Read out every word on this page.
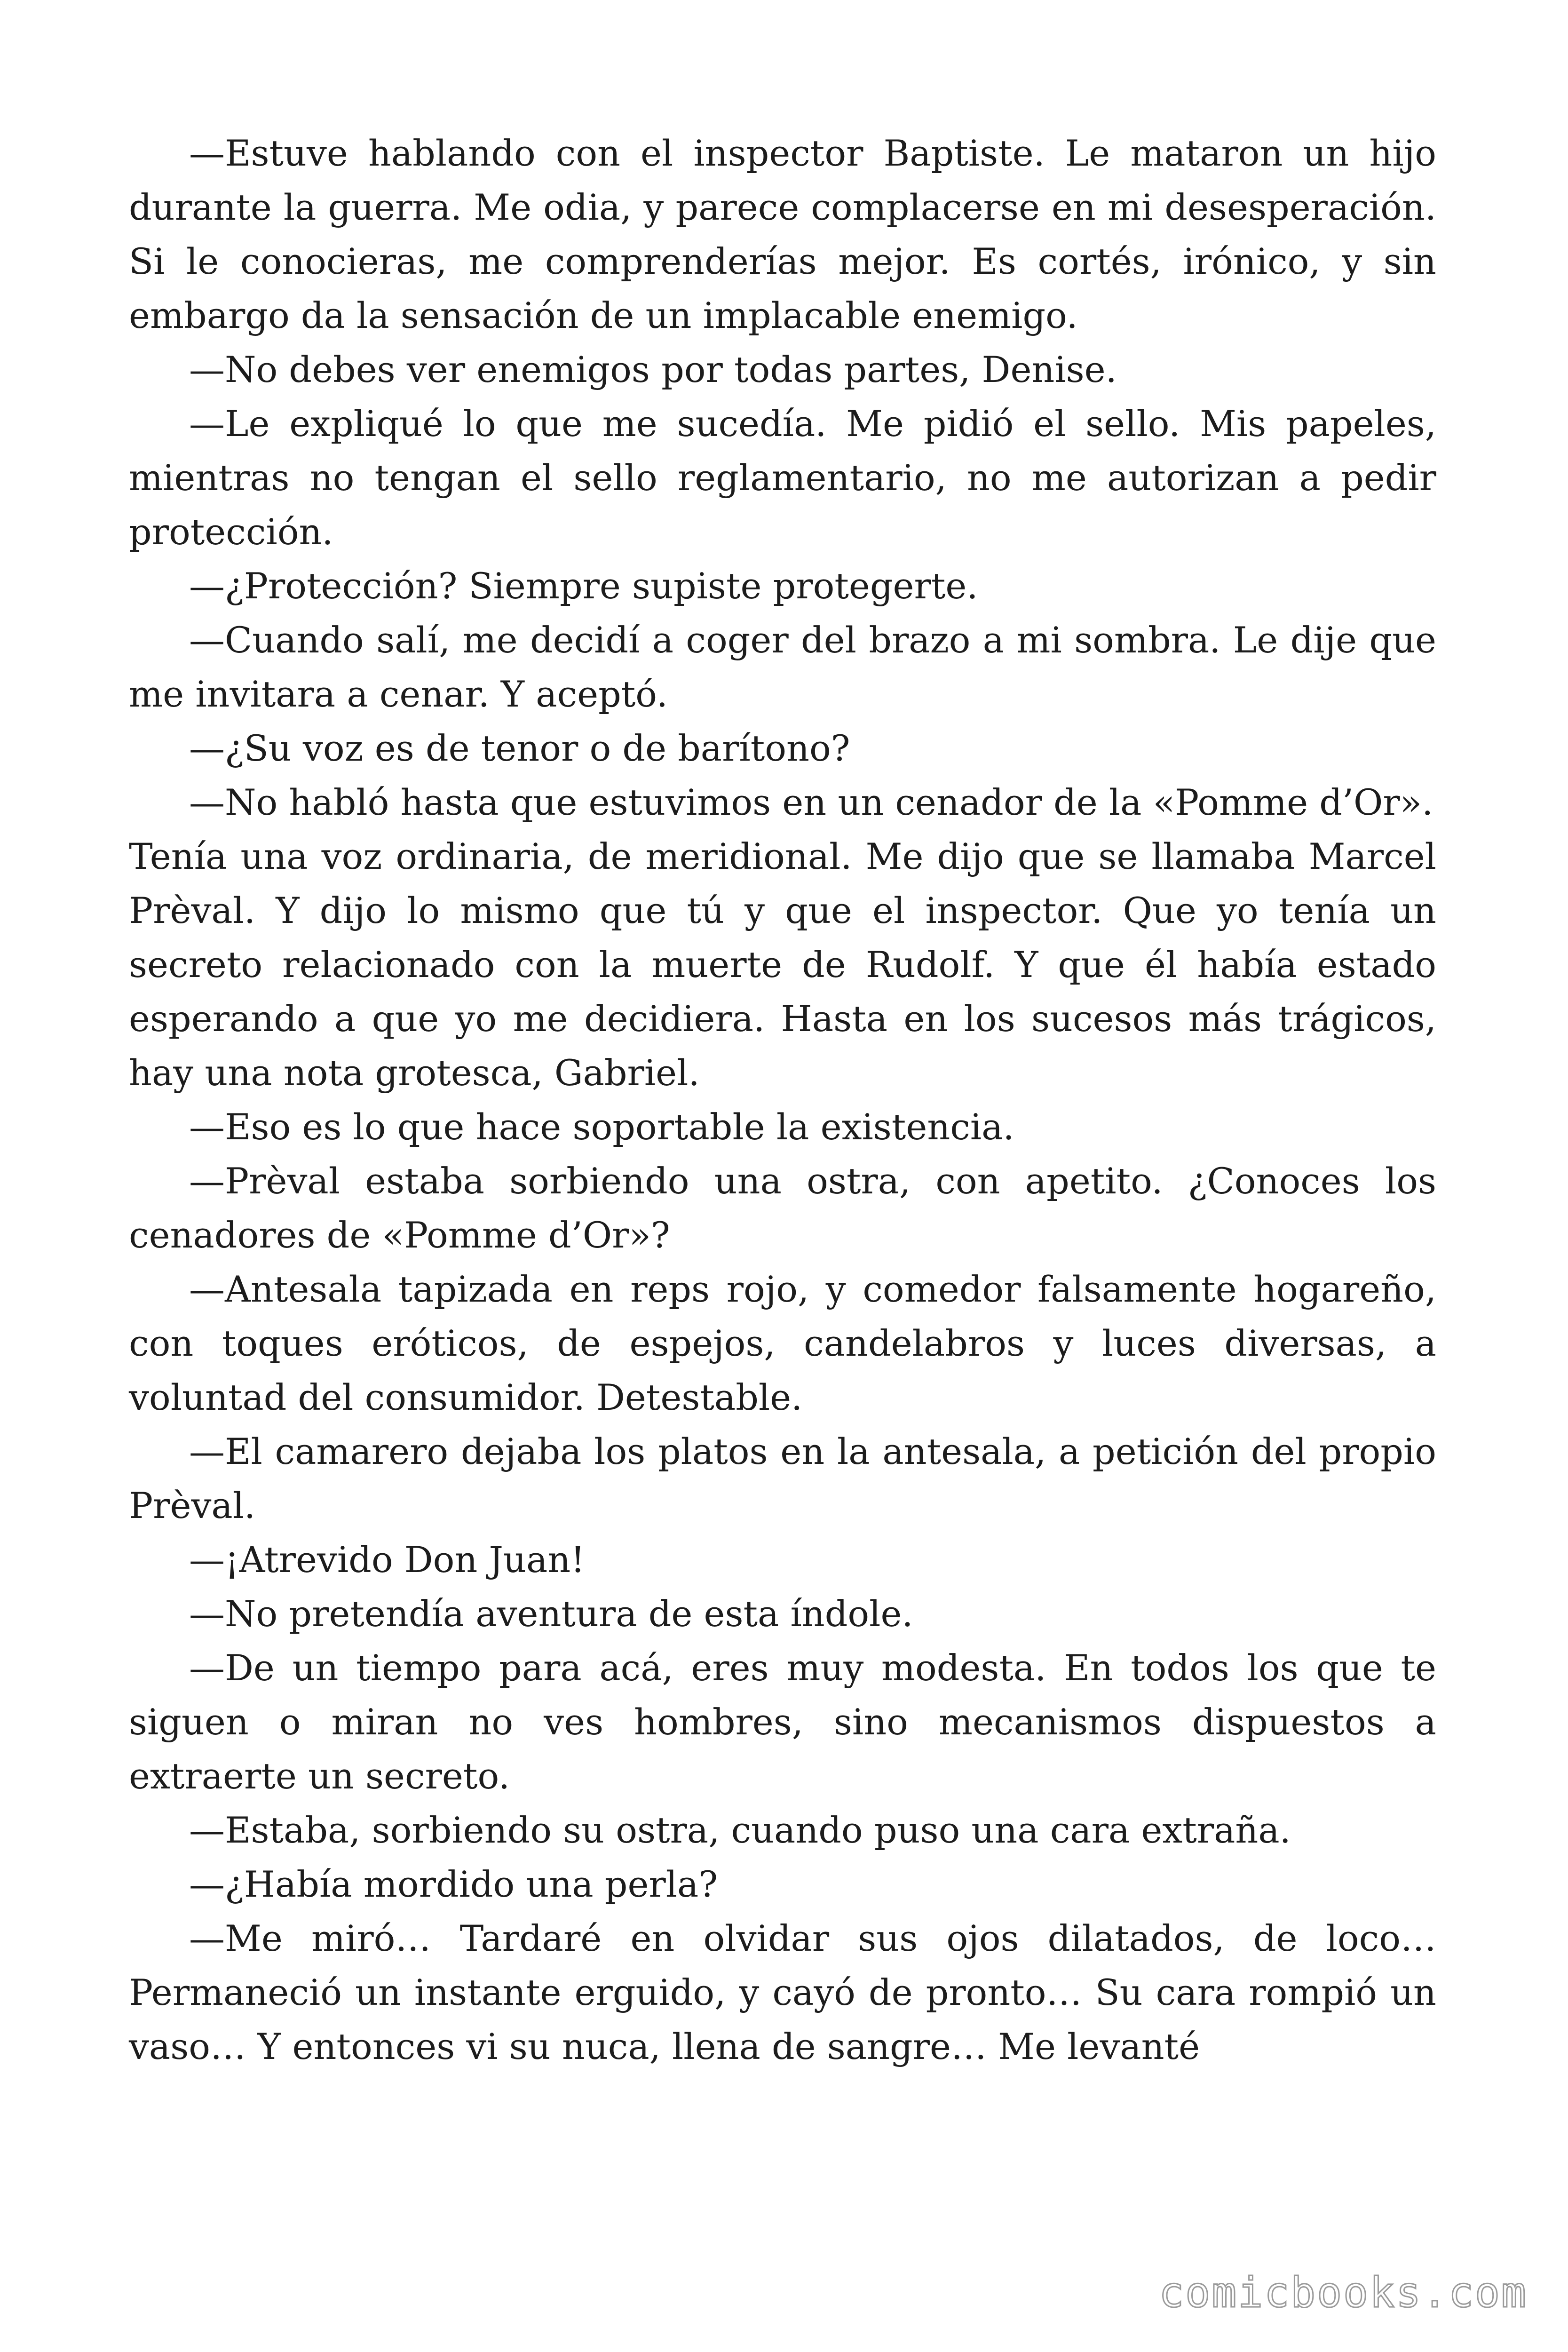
—Estuve hablando con el inspector Baptiste. Le mataron un hijo durante la guerra. Me odia, y parece complacerse en mi desesperación. Si le conocieras, me comprenderías mejor. Es cortés, irónico, y sin embargo da la sensación de un implacable enemigo.

—No debes ver enemigos por todas partes, Denise.

—Le expliqué lo que me sucedía. Me pidió el sello. Mis papeles, mientras no tengan el sello reglamentario, no me autorizan a pedir protección.

—¿Protección? Siempre supiste protegerte.

—Cuando salí, me decidí a coger del brazo a mi sombra. Le dije que me invitara a cenar. Y aceptó.

—¿Su voz es de tenor o de barítono?

—No habló hasta que estuvimos en un cenador de la «Pomme d’Or».

Tenía una voz ordinaria, de meridional. Me dijo que se llamaba Marcel Prèval. Y dijo lo mismo que tú y que el inspector. Que yo tenía un secreto relacionado con la muerte de Rudolf. Y que él había estado esperando a que yo me decidiera. Hasta en los sucesos más trágicos, hay una nota grotesca, Gabriel.

—Eso es lo que hace soportable la existencia.

—Prèval estaba sorbiendo una ostra, con apetito. ¿Conoces los cenadores de «Pomme d’Or»?

—Antesala tapizada en reps rojo, y comedor falsamente hogareño, con toques eróticos, de espejos, candelabros y luces diversas, a voluntad del consumidor. Detestable.

—El camarero dejaba los platos en la antesala, a petición del propio Prèval.

—¡Atrevido Don Juan!

—No pretendía aventura de esta índole.

—De un tiempo para acá, eres muy modesta. En todos los que te siguen o miran no ves hombres, sino mecanismos dispuestos a extraerte un secreto.

—Estaba, sorbiendo su ostra, cuando puso una cara extraña.

—¿Había mordido una perla?

—Me miró… Tardaré en olvidar sus ojos dilatados, de loco… Permaneció un instante erguido, y cayó de pronto… Su cara rompió un vaso… Y entonces vi su nuca, llena de sangre… Me levanté

comicbooks.com
